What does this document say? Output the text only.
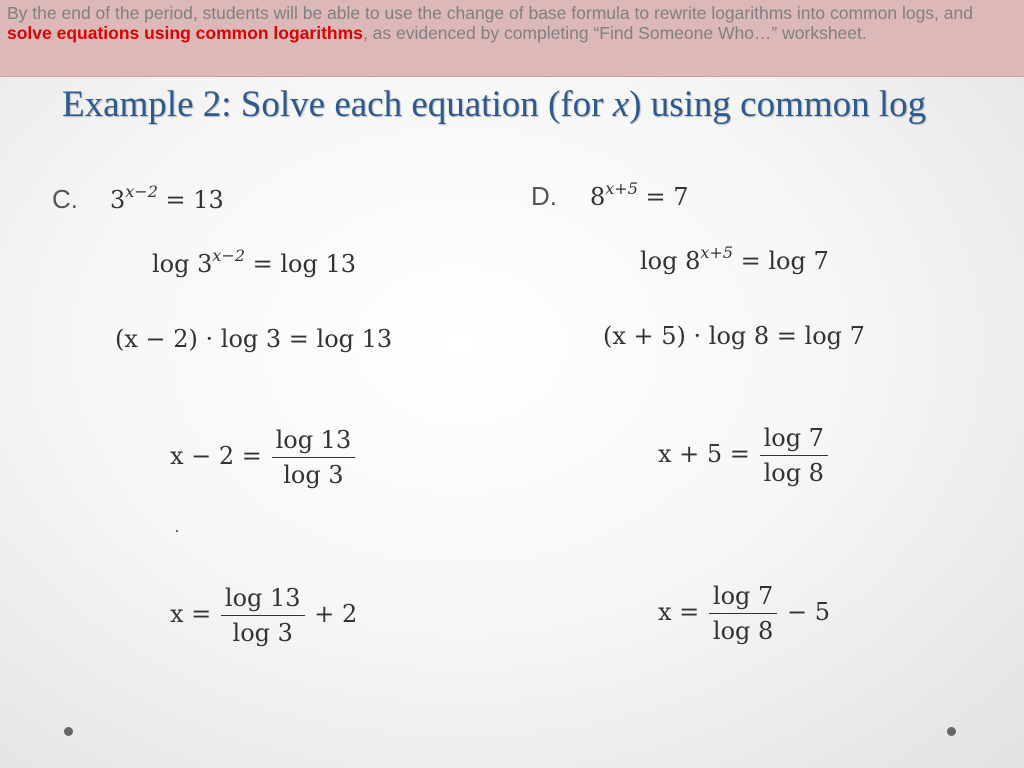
By the end of the period, students will be able to use the change of base formula to rewrite logarithms into common logs, and solve equations using common logarithms, as evidenced by completing “Find Someone Who…” worksheet.
Example 2: Solve each equation (for x) using common log
C. $3^{x-2} = 13$
$\log 3^{x-2} = \log 13$
(x − 2) · log 3 = log 13
$x - 2 = \frac{\log 13}{\log 3}$
$x = \frac{\log 13}{\log 3} + 2$
D. $8^{x+5} = 7$
$\log 8^{x+5} = \log 7$
(x + 5) · log 8 = log 7
$x + 5 = \frac{\log 7}{\log 8}$
$x = \frac{\log 7}{\log 8} - 5$
